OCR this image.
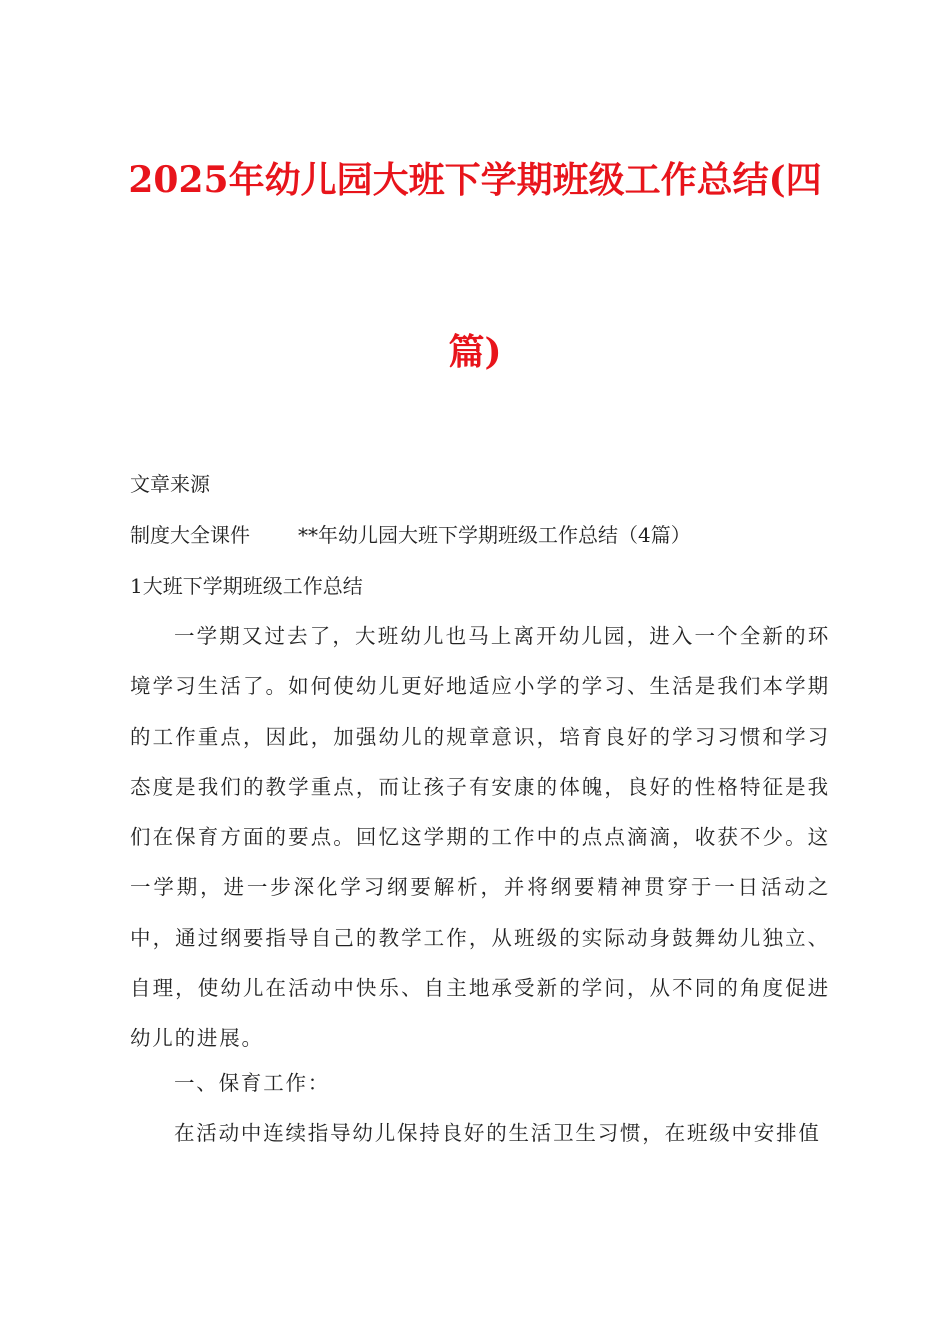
2025年幼儿园大班下学期班级工作总结(四
篇)
文章来源
制度大全课件 **年幼儿园大班下学期班级工作总结（4篇）
1大班下学期班级工作总结
一学期又过去了，大班幼儿也马上离开幼儿园，进入一个全新的环境学习生活了。如何使幼儿更好地适应小学的学习、生活是我们本学期的工作重点，因此，加强幼儿的规章意识，培育良好的学习习惯和学习态度是我们的教学重点，而让孩子有安康的体魄，良好的性格特征是我们在保育方面的要点。回忆这学期的工作中的点点滴滴，收获不少。这一学期，进一步深化学习纲要解析，并将纲要精神贯穿于一日活动之中，通过纲要指导自己的教学工作，从班级的实际动身鼓舞幼儿独立、自理，使幼儿在活动中快乐、自主地承受新的学问，从不同的角度促进幼儿的进展。
一、保育工作：
在活动中连续指导幼儿保持良好的生活卫生习惯，在班级中安排值
